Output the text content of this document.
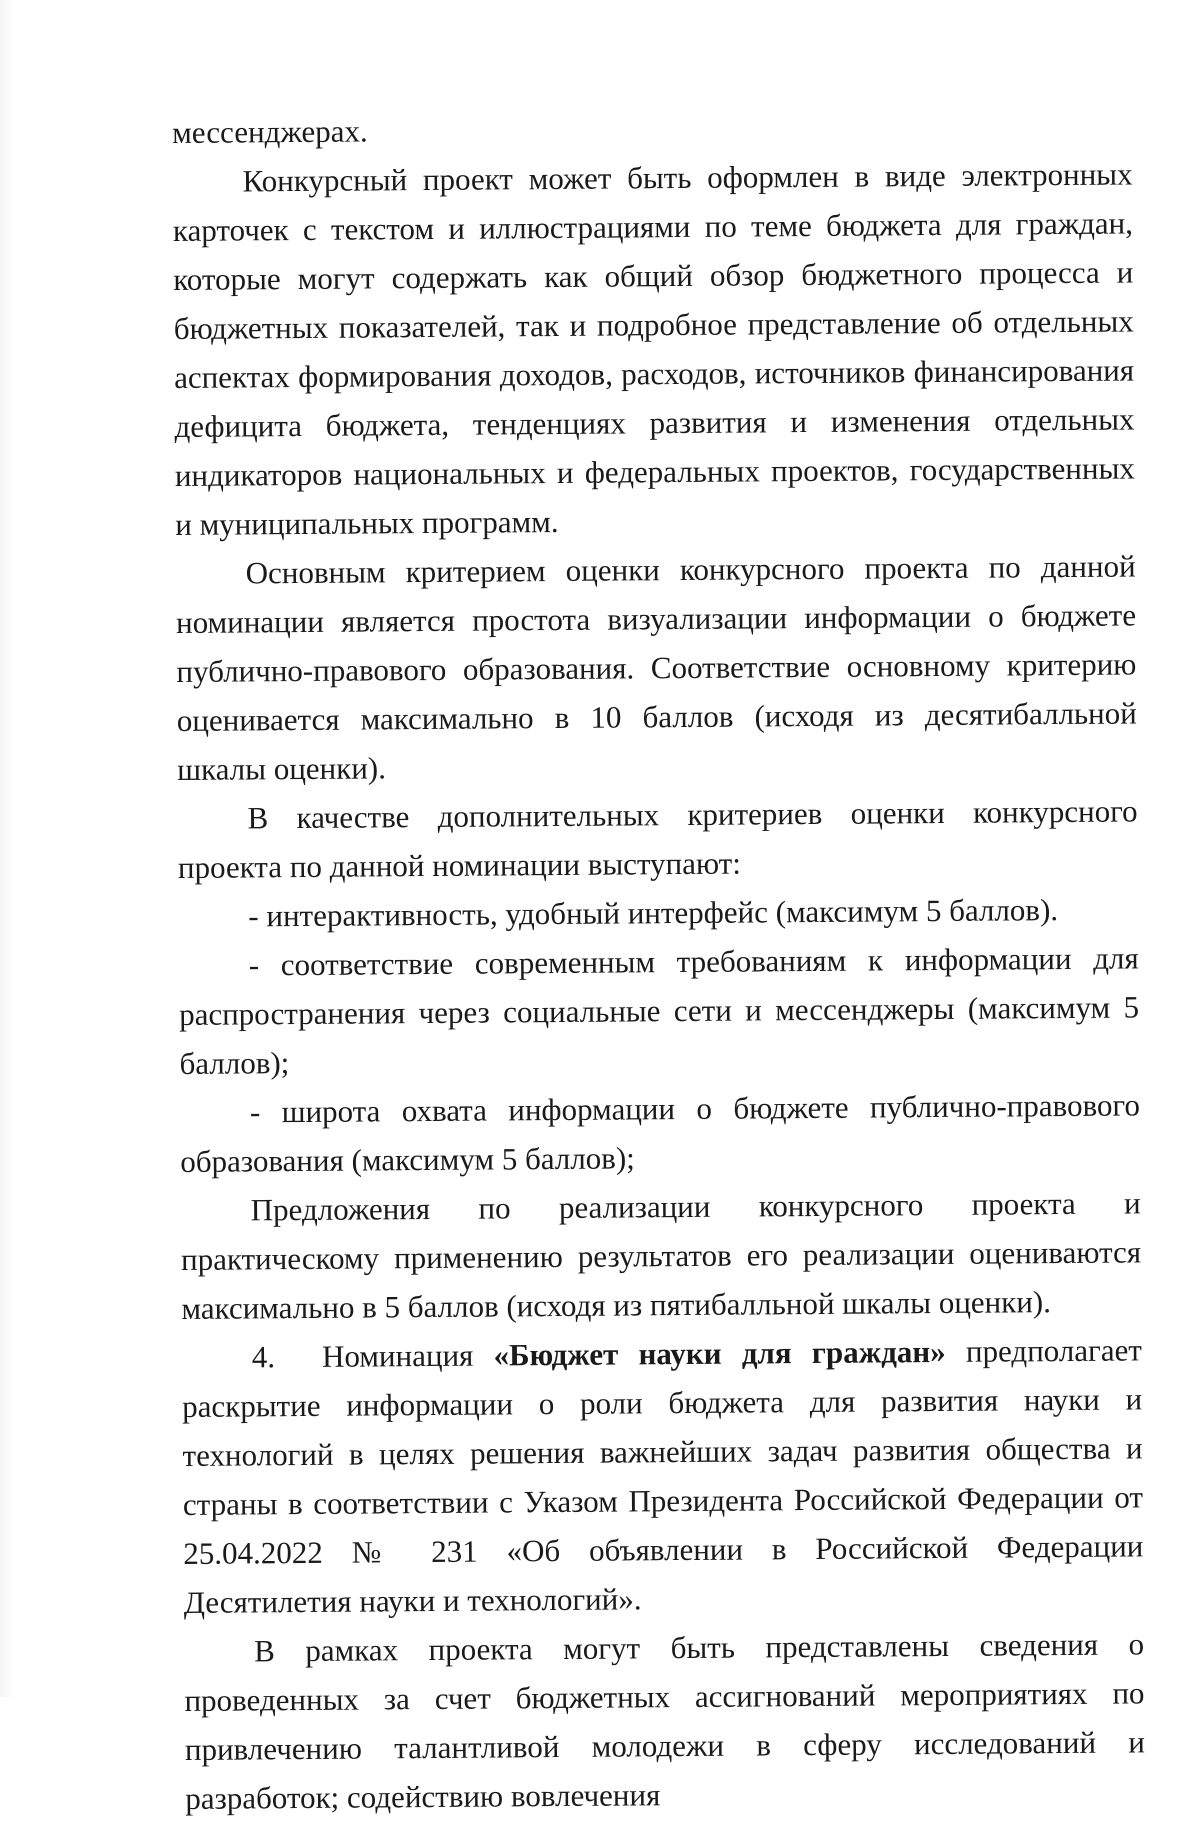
мессенджерах.

Конкурсный проект может быть оформлен в виде электронных карточек с текстом и иллюстрациями по теме бюджета для граждан, которые могут содержать как общий обзор бюджетного процесса и бюджетных показателей, так и подробное представление об отдельных аспектах формирования доходов, расходов, источников финансирования дефицита бюджета, тенденциях развития и изменения отдельных индикаторов национальных и федеральных проектов, государственных и муниципальных программ.

Основным критерием оценки конкурсного проекта по данной номинации является простота визуализации информации о бюджете публично-правового образования. Соответствие основному критерию оценивается максимально в 10 баллов (исходя из десятибалльной шкалы оценки).

В качестве дополнительных критериев оценки конкурсного проекта по данной номинации выступают:

- интерактивность, удобный интерфейс (максимум 5 баллов).

- соответствие современным требованиям к информации для распространения через социальные сети и мессенджеры (максимум 5 баллов);

- широта охвата информации о бюджете публично-правового образования (максимум 5 баллов);

Предложения по реализации конкурсного проекта и практическому применению результатов его реализации оцениваются максимально в 5 баллов (исходя из пятибалльной шкалы оценки).

4. Номинация «Бюджет науки для граждан» предполагает раскрытие информации о роли бюджета для развития науки и технологий в целях решения важнейших задач развития общества и страны в соответствии с Указом Президента Российской Федерации от 25.04.2022 № 231 «Об объявлении в Российской Федерации Десятилетия науки и технологий».

В рамках проекта могут быть представлены сведения о проведенных за счет бюджетных ассигнований мероприятиях по привлечению талантливой молодежи в сферу исследований и разработок; содействию вовлечения
